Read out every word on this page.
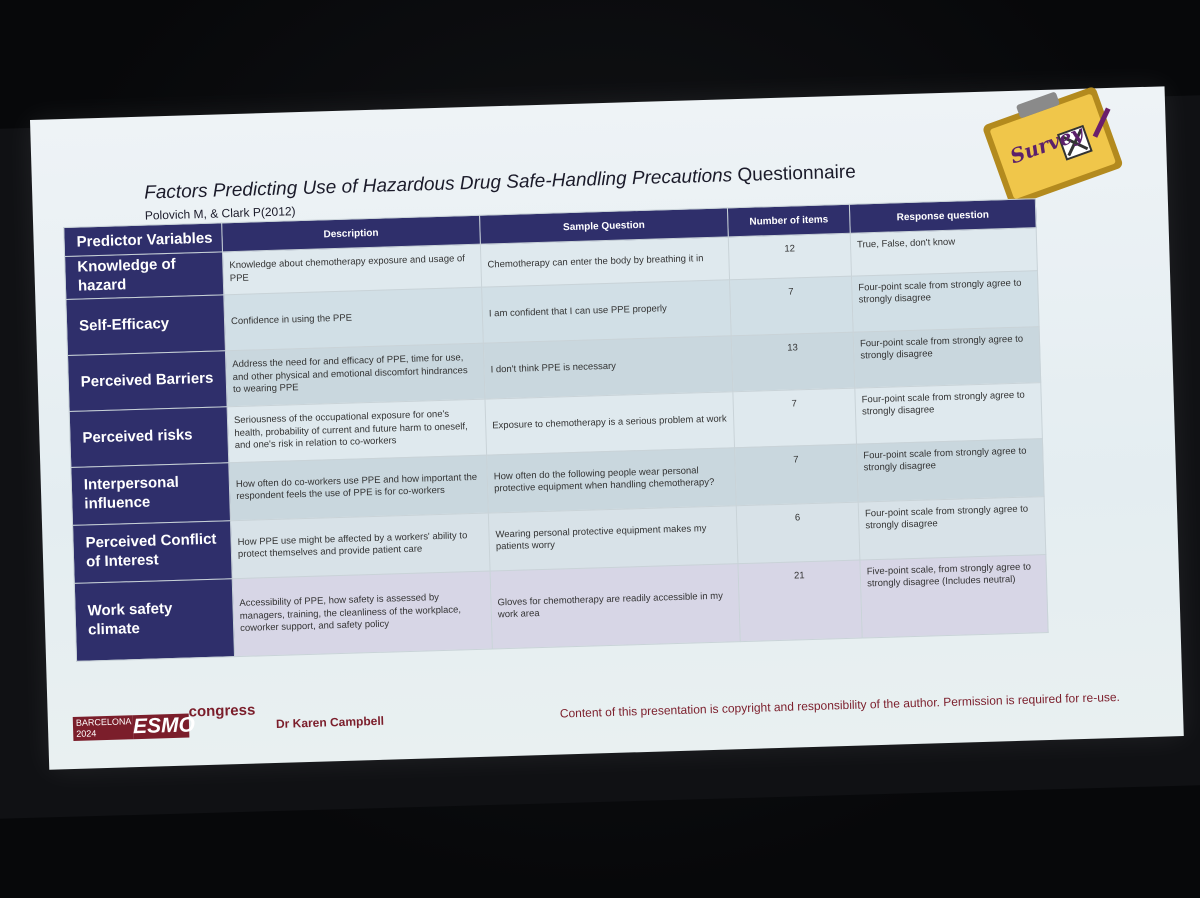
Factors Predicting Use of Hazardous Drug Safe-Handling Precautions Questionnaire
Polovich M, & Clark P(2012)
Survey
Predictor Variables	Description	Sample Question	Number of items	Response question
Knowledge of hazard	Knowledge about chemotherapy exposure and usage of PPE	Chemotherapy can enter the body by breathing it in	12	True, False, don't know
Self-Efficacy	Confidence in using the PPE	I am confident that I can use PPE properly	7	Four-point scale from strongly agree to strongly disagree
Perceived Barriers	Address the need for and efficacy of PPE, time for use, and other physical and emotional discomfort hindrances to wearing PPE	I don't think PPE is necessary	13	Four-point scale from strongly agree to strongly disagree
Perceived risks	Seriousness of the occupational exposure for one's health, probability of current and future harm to oneself, and one's risk in relation to co-workers	Exposure to chemotherapy is a serious problem at work	7	Four-point scale from strongly agree to strongly disagree
Interpersonal influence	How often do co-workers use PPE and how important the respondent feels the use of PPE is for co-workers	How often do the following people wear personal protective equipment when handling chemotherapy?	7	Four-point scale from strongly agree to strongly disagree
Perceived Conflict of Interest	How PPE use might be affected by a workers' ability to protect themselves and provide patient care	Wearing personal protective equipment makes my patients worry	6	Four-point scale from strongly agree to strongly disagree
Work safety climate	Accessibility of PPE, how safety is assessed by managers, training, the cleanliness of the workplace, coworker support, and safety policy	Gloves for chemotherapy are readily accessible in my work area	21	Five-point scale, from strongly agree to strongly disagree (Includes neutral)
BARCELONA
2024	ESMO
congress
Dr Karen Campbell
Content of this presentation is copyright and responsibility of the author. Permission is required for re-use.
